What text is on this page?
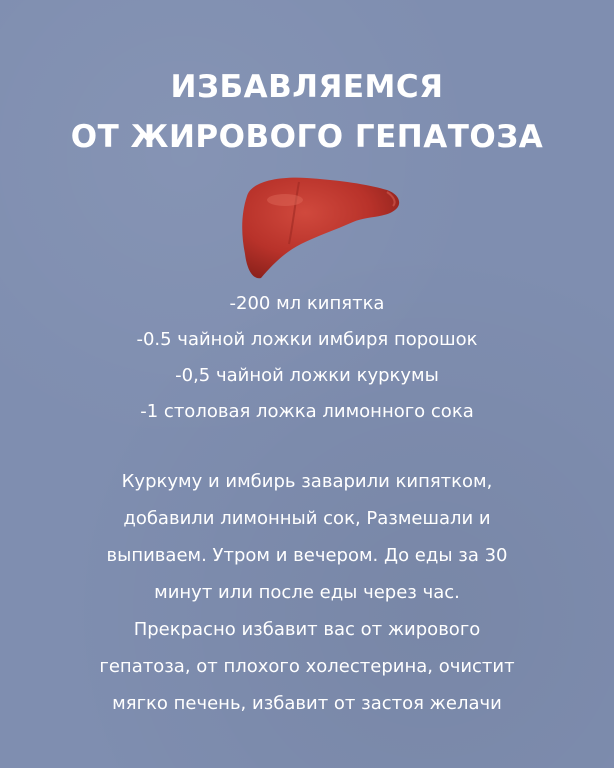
ИЗБАВЛЯЕМСЯ
ОТ ЖИРОВОГО ГЕПАТОЗА
-200 мл кипятка
-0.5 чайной ложки имбиря порошок
-0,5 чайной ложки куркумы
-1 столовая ложка лимонного сока
Куркуму и имбирь заварили кипятком,
добавили лимонный сок, Размешали и
выпиваем. Утром и вечером. До еды за 30
минут или после еды через час.
Прекрасно избавит вас от жирового
гепатоза, от плохого холестерина, очистит
мягко печень, избавит от застоя желачи
